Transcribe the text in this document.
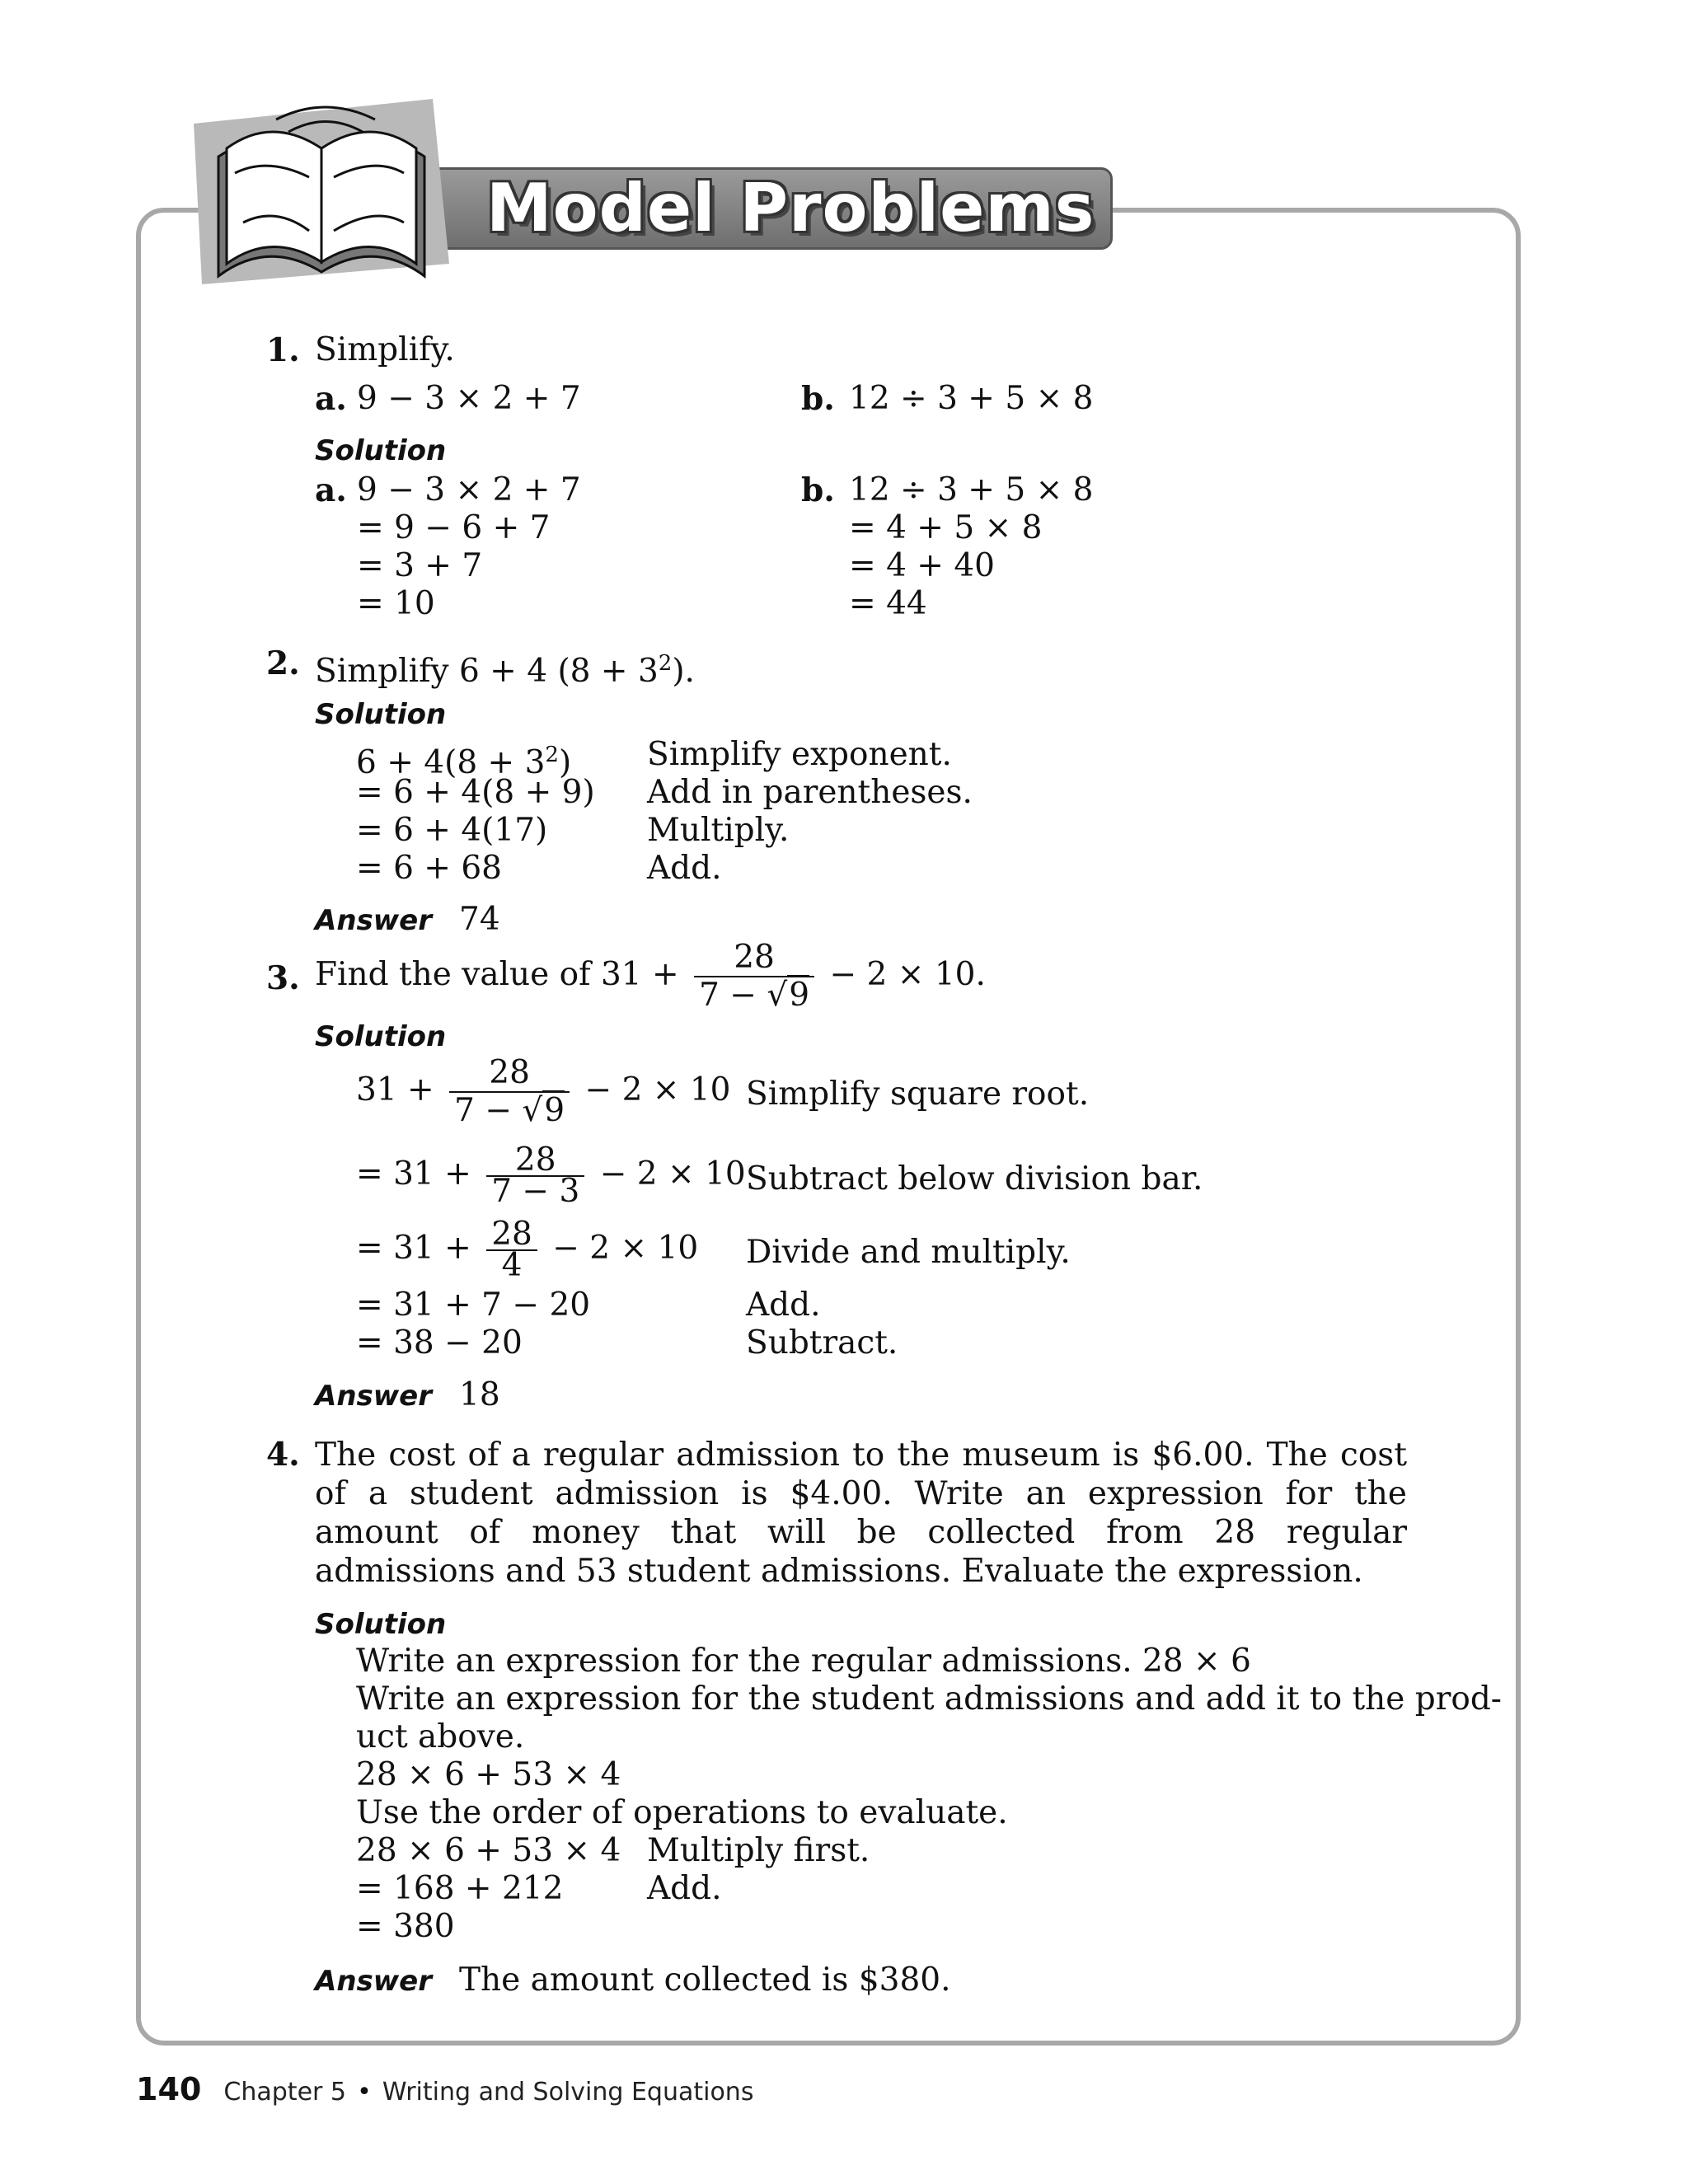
Model Problems
1. Simplify.
a. 9 − 3 × 2 + 7	b. 12 ÷ 3 + 5 × 8
Solution
a. 9 − 3 × 2 + 7
= 9 − 6 + 7
= 3 + 7
= 10
b. 12 ÷ 3 + 5 × 8
= 4 + 5 × 8
= 4 + 40
= 44
2. Simplify 6 + 4 $(8 + 3^2)$.
Solution
$6 + 4(8 + 3^2)$
= 6 + 4(8 + 9)
= 6 + 4(17)
= 6 + 68
Simplify exponent.
Add in parentheses.
Multiply.
Add.
Answer 74
3. Find the value of $31 + \frac{28}{7 - √9} - 2 \times 10$.
Solution
$31 + \frac{28}{7 - √9} - 2 \times 10$
= $31 + \frac{28}{7 - 3} - 2 \times 10$
= $31 + \frac{28}{4} - 2 \times 10$
= 31 + 7 − 20
= 38 − 20
Simplify square root.
Subtract below division bar.
Divide and multiply.
Add.
Subtract.
Answer 18
4. The cost of a regular admission to the museum is $6.00. The cost of a student admission is $4.00. Write an expression for the amount of money that will be collected from 28 regular admissions and 53 student admissions. Evaluate the expression.
Solution
Write an expression for the regular admissions. 28 × 6
Write an expression for the student admissions and add it to the prod-
uct above.
28 × 6 + 53 × 4
Use the order of operations to evaluate.
28 × 6 + 53 × 4
= 168 + 212
= 380
Multiply first.
Add.
Answer The amount collected is $380.
140 Chapter 5 • Writing and Solving Equations
